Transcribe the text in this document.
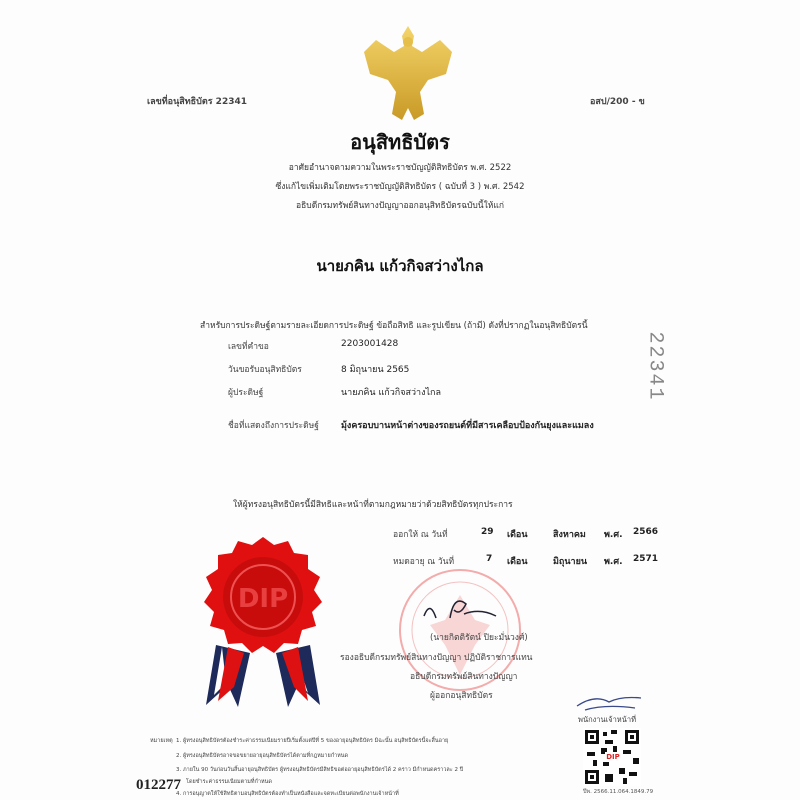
เลขที่อนุสิทธิบัตร 22341	อสป/200 - ข
อนุสิทธิบัตร
อาศัยอำนาจตามความในพระราชบัญญัติสิทธิบัตร พ.ศ. 2522
ซึ่งแก้ไขเพิ่มเติมโดยพระราชบัญญัติสิทธิบัตร ( ฉบับที่ 3 ) พ.ศ. 2542
อธิบดีกรมทรัพย์สินทางปัญญาออกอนุสิทธิบัตรฉบับนี้ให้แก่
นายภคิน แก้วกิจสว่างไกล
สำหรับการประดิษฐ์ตามรายละเอียดการประดิษฐ์ ข้อถือสิทธิ และรูปเขียน (ถ้ามี) ดังที่ปรากฏในอนุสิทธิบัตรนี้
เลขที่คำขอ	2203001428
วันขอรับอนุสิทธิบัตร	8 มิถุนายน 2565
ผู้ประดิษฐ์	นายภคิน แก้วกิจสว่างไกล
ชื่อที่แสดงถึงการประดิษฐ์ มุ้งครอบบานหน้าต่างของรถยนต์ที่มีสารเคลือบป้องกันยุงและแมลง
22341
ให้ผู้ทรงอนุสิทธิบัตรนี้มีสิทธิและหน้าที่ตามกฎหมายว่าด้วยสิทธิบัตรทุกประการ
ออกให้ ณ วันที่	29 เดือน	สิงหาคม พ.ศ. 2566
หมดอายุ ณ วันที่	7 เดือน	มิถุนายน พ.ศ. 2571
(นายกิตติรัตน์ ปิยะมั่นวงศ์)
รองอธิบดีกรมทรัพย์สินทางปัญญา ปฏิบัติราชการแทน
อธิบดีกรมทรัพย์สินทางปัญญา
ผู้ออกอนุสิทธิบัตร
DIP
พนักงานเจ้าหน้าที่
DIP
ปีพ. 2566.11.064.1849.79
หมายเหตุ 1. ผู้ทรงอนุสิทธิบัตรต้องชำระค่าธรรมเนียมรายปีเริ่มตั้งแต่ปีที่ 5 ของอายุอนุสิทธิบัตร มิฉะนั้น อนุสิทธิบัตรนี้จะสิ้นอายุ
2. ผู้ทรงอนุสิทธิบัตรอาจขอขยายอายุอนุสิทธิบัตรได้ตามที่กฎหมายกำหนด
3. ภายใน 90 วันก่อนวันสิ้นอายุอนุสิทธิบัตร ผู้ทรงอนุสิทธิบัตรมีสิทธิขอต่ออายุอนุสิทธิบัตรได้ 2 คราว มีกำหนดคราวละ 2 ปี
โดยชำระค่าธรรมเนียมตามที่กำหนด
4. การอนุญาตให้ใช้สิทธิตามอนุสิทธิบัตรต้องทำเป็นหนังสือและจดทะเบียนต่อพนักงานเจ้าหน้าที่
012277
